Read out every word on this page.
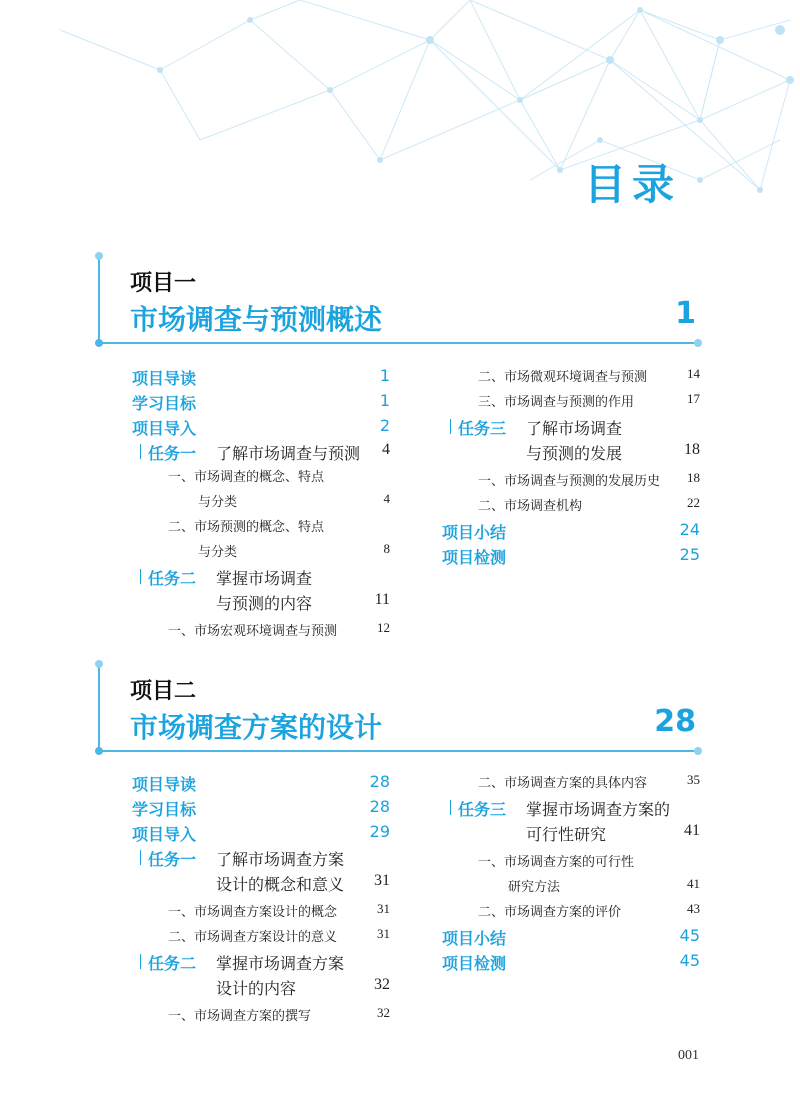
目录
项目一
市场调查与预测概述	1
项目导读	1
学习目标	1
项目导入	2
任务一 了解市场调查与预测 4
一、市场调查的概念、特点
与分类	4
二、市场预测的概念、特点
与分类	8
任务二 掌握市场调查
与预测的内容	11
一、市场宏观环境调查与预测	12
二、市场微观环境调查与预测	14
三、市场调查与预测的作用	17
任务三 了解市场调查
与预测的发展	18
一、市场调查与预测的发展历史 18
二、市场调查机构	22
项目小结	24
项目检测	25
项目二
市场调查方案的设计	28
项目导读	28
学习目标	28
项目导入	29
任务一 了解市场调查方案
设计的概念和意义 31
一、市场调查方案设计的概念	31
二、市场调查方案设计的意义	31
任务二 掌握市场调查方案
设计的内容	32
一、市场调查方案的撰写	32
二、市场调查方案的具体内容	35
任务三 掌握市场调查方案的
可行性研究	41
一、市场调查方案的可行性
研究方法	41
二、市场调查方案的评价	43
项目小结	45
项目检测	45
001
